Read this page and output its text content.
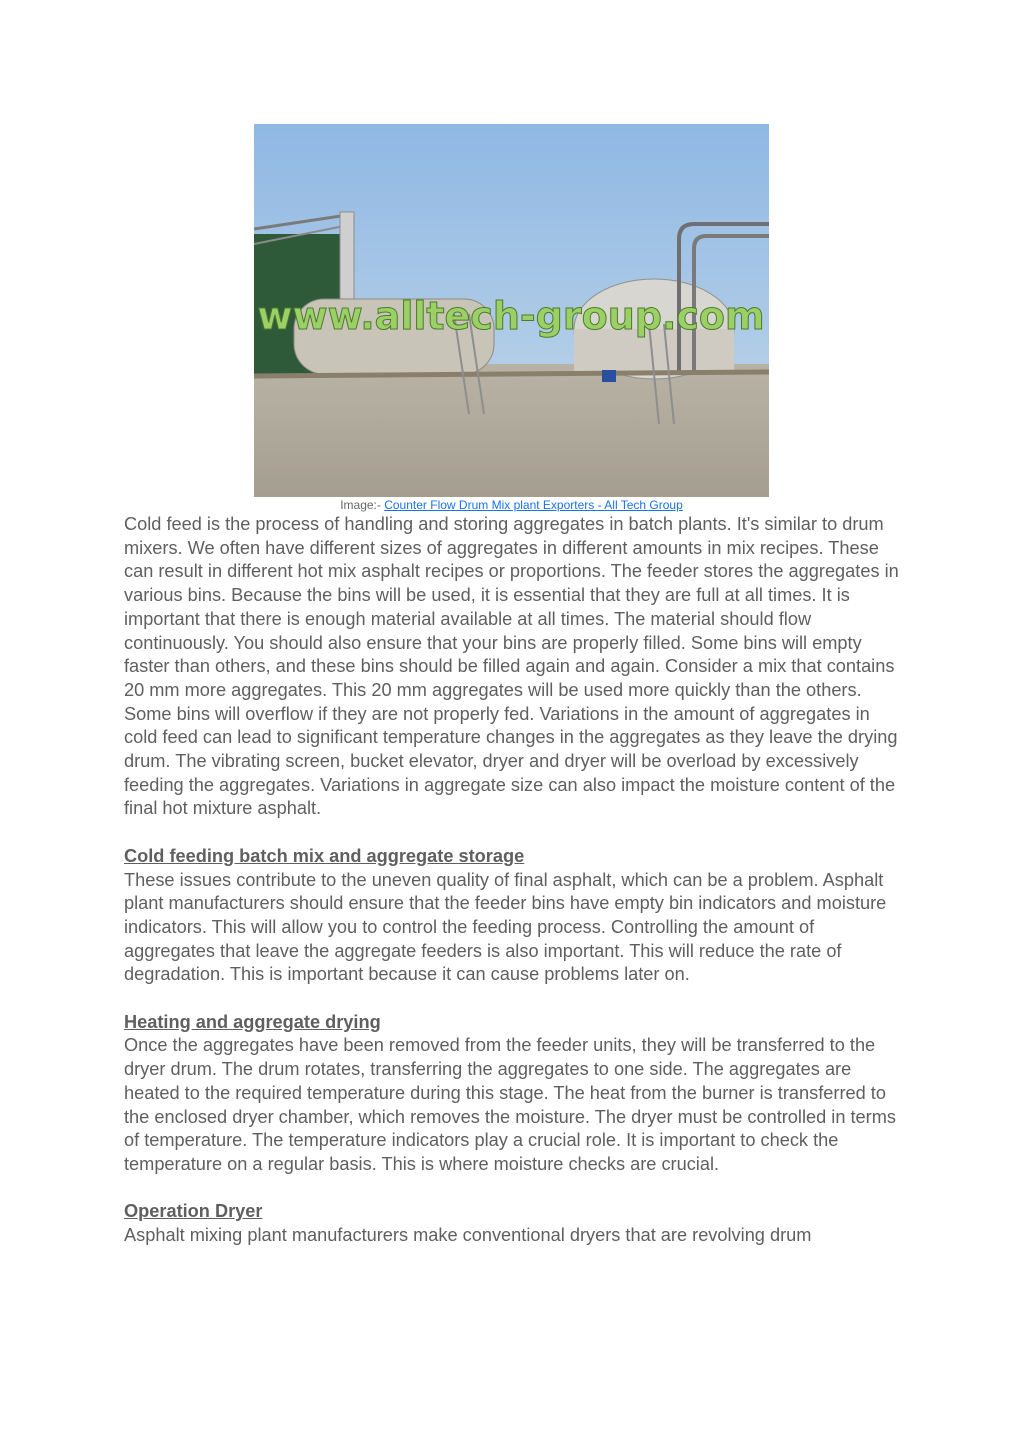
www.alltech-group.com
Image:- Counter Flow Drum Mix plant Exporters - All Tech Group

Cold feed is the process of handling and storing aggregates in batch plants. It's similar to drum mixers. We often have different sizes of aggregates in different amounts in mix recipes. These can result in different hot mix asphalt recipes or proportions. The feeder stores the aggregates in various bins. Because the bins will be used, it is essential that they are full at all times. It is important that there is enough material available at all times. The material should flow continuously. You should also ensure that your bins are properly filled. Some bins will empty faster than others, and these bins should be filled again and again. Consider a mix that contains 20 mm more aggregates. This 20 mm aggregates will be used more quickly than the others. Some bins will overflow if they are not properly fed. Variations in the amount of aggregates in cold feed can lead to significant temperature changes in the aggregates as they leave the drying drum. The vibrating screen, bucket elevator, dryer and dryer will be overload by excessively feeding the aggregates. Variations in aggregate size can also impact the moisture content of the final hot mixture asphalt.

Cold feeding batch mix and aggregate storage

These issues contribute to the uneven quality of final asphalt, which can be a problem. Asphalt plant manufacturers should ensure that the feeder bins have empty bin indicators and moisture indicators. This will allow you to control the feeding process. Controlling the amount of aggregates that leave the aggregate feeders is also important. This will reduce the rate of degradation. This is important because it can cause problems later on.

Heating and aggregate drying

Once the aggregates have been removed from the feeder units, they will be transferred to the dryer drum. The drum rotates, transferring the aggregates to one side. The aggregates are heated to the required temperature during this stage. The heat from the burner is transferred to the enclosed dryer chamber, which removes the moisture. The dryer must be controlled in terms of temperature. The temperature indicators play a crucial role. It is important to check the temperature on a regular basis. This is where moisture checks are crucial.

Operation Dryer

Asphalt mixing plant manufacturers make conventional dryers that are revolving drum
